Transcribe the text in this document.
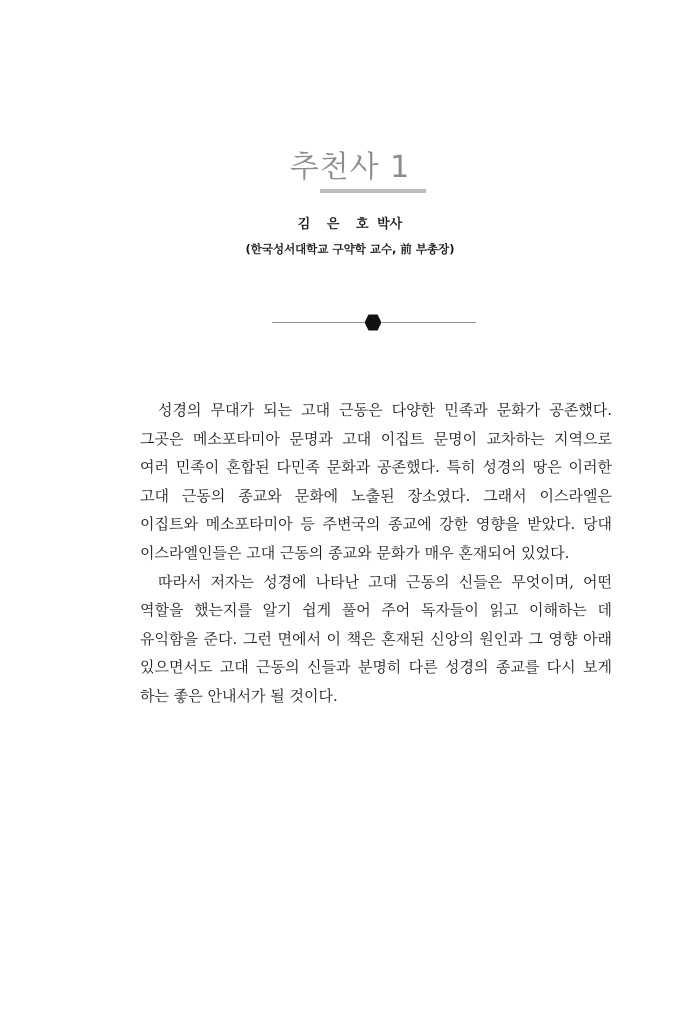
추천사 1
김 은 호 박사
(한국성서대학교 구약학 교수, 前 부총장)

성경의 무대가 되는 고대 근동은 다양한 민족과 문화가 공존했다. 그곳은 메소포타미아 문명과 고대 이집트 문명이 교차하는 지역으로 여러 민족이 혼합된 다민족 문화과 공존했다. 특히 성경의 땅은 이러한 고대 근동의 종교와 문화에 노출된 장소였다. 그래서 이스라엘은 이집트와 메소포타미아 등 주변국의 종교에 강한 영향을 받았다. 당대 이스라엘인들은 고대 근동의 종교와 문화가 매우 혼재되어 있었다.

따라서 저자는 성경에 나타난 고대 근동의 신들은 무엇이며, 어떤 역할을 했는지를 알기 쉽게 풀어 주어 독자들이 읽고 이해하는 데 유익함을 준다. 그런 면에서 이 책은 혼재된 신앙의 원인과 그 영향 아래 있으면서도 고대 근동의 신들과 분명히 다른 성경의 종교를 다시 보게 하는 좋은 안내서가 될 것이다.
